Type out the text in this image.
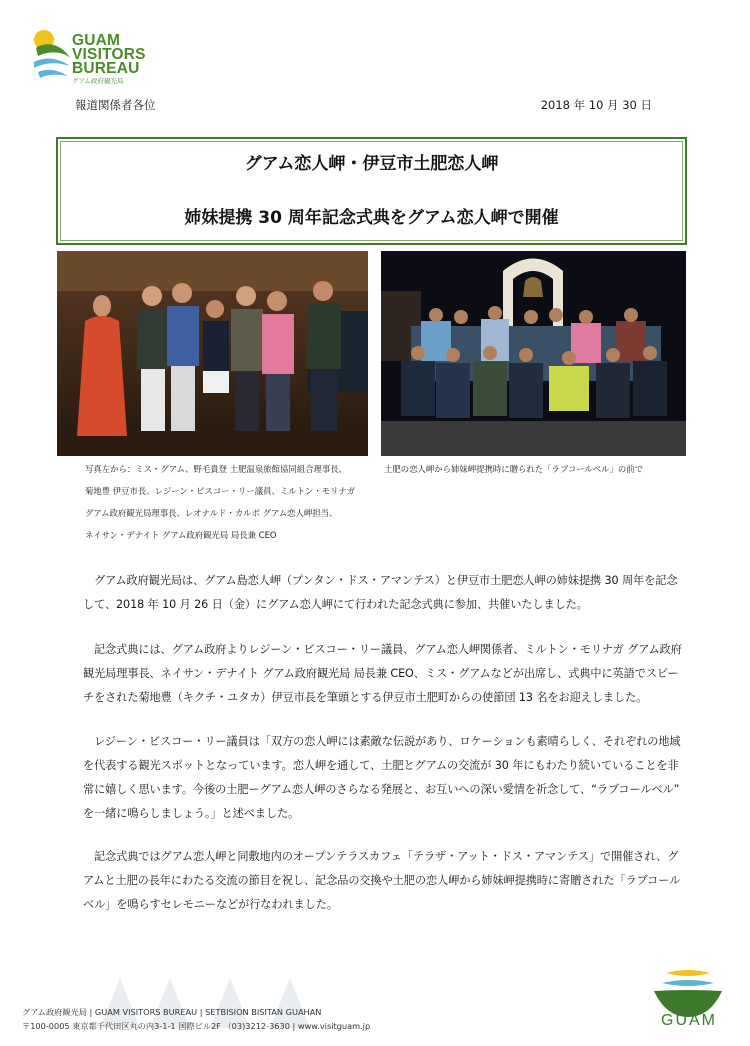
GUAM
VISITORS
BUREAU
グアム政府観光局
報道関係者各位	2018 年 10 月 30 日
グアム恋人岬・伊豆市土肥恋人岬
姉妹提携 30 周年記念式典をグアム恋人岬で開催
写真左から：ミス・グアム、野毛貴登 土肥温泉旅館協同組合理事長、
菊地豊 伊豆市長、レジーン・ビスコー・リー議員、ミルトン・モリナガ
グアム政府観光局理事長、レオナルド・カルボ グアム恋人岬担当、
ネイサン・デナイト グアム政府観光局 局長兼 CEO
土肥の恋人岬から姉妹岬提携時に贈られた「ラブコールベル」の前で

グアム政府観光局は、グアム島恋人岬（プンタン・ドス・アマンテス）と伊豆市土肥恋人岬の姉妹提携 30 周年を記念して、2018 年 10 月 26 日（金）にグアム恋人岬にて行われた記念式典に参加、共催いたしました。

記念式典には、グアム政府よりレジーン・ビスコー・リー議員、グアム恋人岬関係者、ミルトン・モリナガ グアム政府観光局理事長、ネイサン・デナイト グアム政府観光局 局長兼 CEO、ミス・グアムなどが出席し、式典中に英語でスピーチをされた菊地豊（キクチ・ユタカ）伊豆市長を筆頭とする伊豆市土肥町からの使節団 13 名をお迎えしました。

レジーン・ビスコー・リー議員は「双方の恋人岬には素敵な伝説があり、ロケーションも素晴らしく、それぞれの地域を代表する観光スポットとなっています。恋人岬を通して、土肥とグアムの交流が 30 年にもわたり続いていることを非常に嬉しく思います。今後の土肥ーグアム恋人岬のさらなる発展と、お互いへの深い愛情を祈念して、“ラブコールベル” を一緒に鳴らしましょう。」と述べました。

記念式典ではグアム恋人岬と同敷地内のオープンテラスカフェ「テラザ・アット・ドス・アマンテス」で開催され、グアムと土肥の長年にわたる交流の節目を祝し、記念品の交換や土肥の恋人岬から姉妹岬提携時に寄贈された「ラブコールベル」を鳴らすセレモニーなどが行なわれました。

グアム政府観光局 | GUAM VISITORS BUREAU | SETBISION BISITAN GUAHAN
〒100-0005 東京都千代田区丸の内3-1-1 国際ビル2F （03)3212-3630 | www.visitguam.jp	GUAM
